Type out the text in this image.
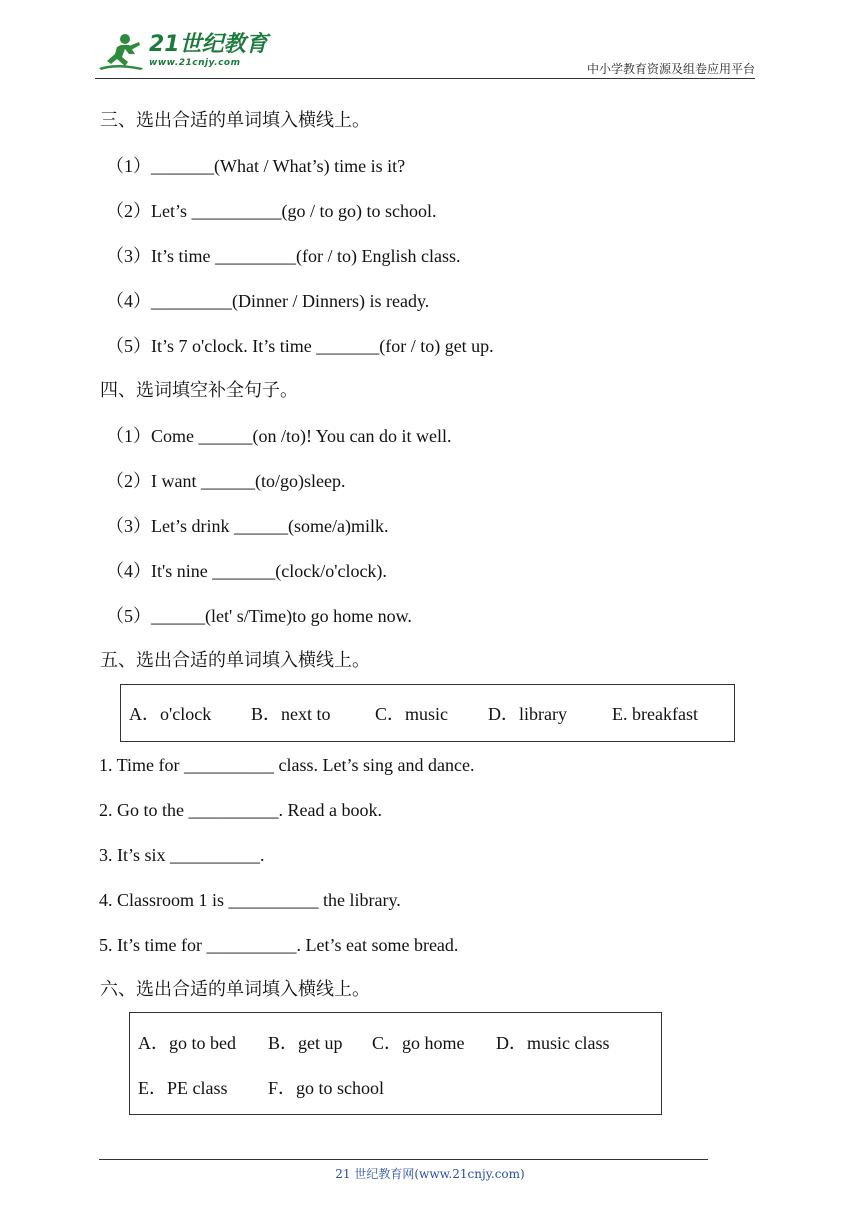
21世纪教育
www.21cnjy.com	中小学教育资源及组卷应用平台
三、选出合适的单词填入横线上。
（1）_______(What / What’s) time is it?
（2）Let’s __________(go / to go) to school.
（3）It’s time _________(for / to) English class.
（4）_________(Dinner / Dinners) is ready.
（5）It’s 7 o'clock. It’s time _______(for / to) get up.
四、选词填空补全句子。
（1）Come ______(on /to)! You can do it well.
（2）I want ______(to/go)sleep.
（3）Let’s drink ______(some/a)milk.
（4）It's nine _______(clock/o'clock).
（5）______(let' s/Time)to go home now.
五、选出合适的单词填入横线上。
A．o'clock B．next to C．music D．library	E. breakfast
1. Time for __________ class. Let’s sing and dance.
2. Go to the __________. Read a book.
3. It’s six __________.
4. Classroom 1 is __________ the library.
5. It’s time for __________. Let’s eat some bread.
六、选出合适的单词填入横线上。
A．go to bed B．get up C．go home D．music class
E．PE class F．go to school
21 世纪教育网(www.21cnjy.com)
